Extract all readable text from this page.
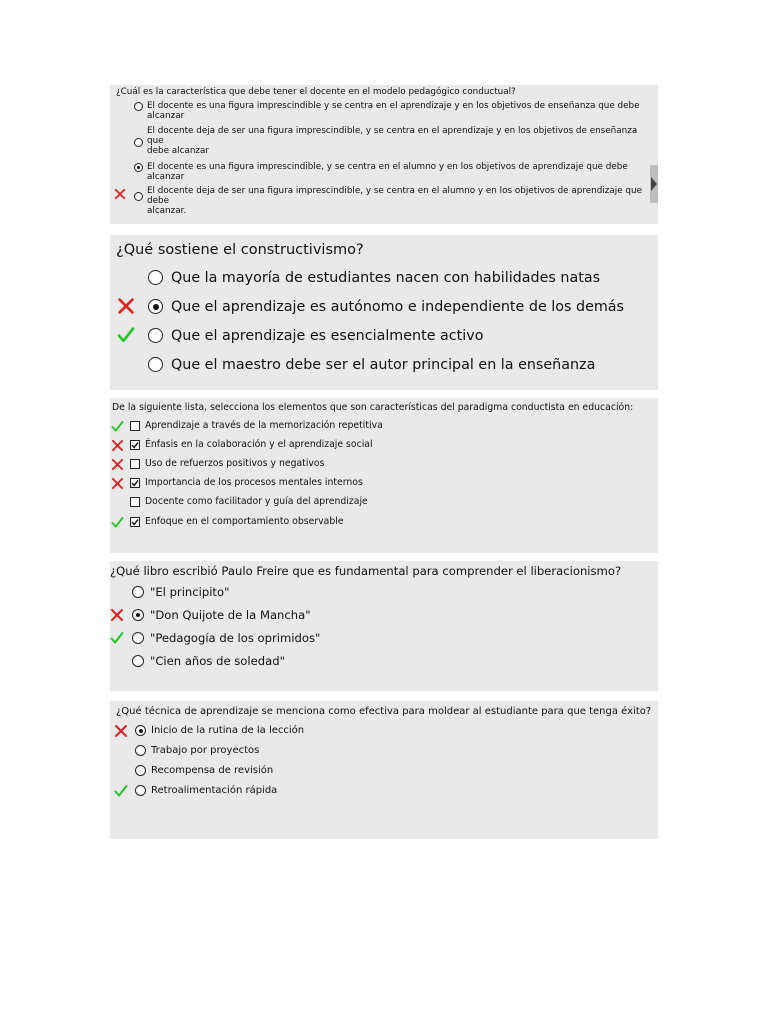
¿Cuál es la característica que debe tener el docente en el modelo pedagógico conductual?
El docente es una figura imprescindible y se centra en el aprendizaje y en los objetivos de enseñanza que debe
alcanzar
El docente deja de ser una figura imprescindible, y se centra en el aprendizaje y en los objetivos de enseñanza
que
debe alcanzar
El docente es una figura imprescindible, y se centra en el alumno y en los objetivos de aprendizaje que debe
alcanzar
El docente deja de ser una figura imprescindible, y se centra en el alumno y en los objetivos de aprendizaje que
debe
alcanzar.
¿Qué sostiene el constructivismo?
Que la mayoría de estudiantes nacen con habilidades natas
Que el aprendizaje es autónomo e independiente de los demás
Que el aprendizaje es esencialmente activo
Que el maestro debe ser el autor principal en la enseñanza
De la siguiente lista, selecciona los elementos que son características del paradigma conductista en educación:
Aprendizaje a través de la memorización repetitiva
Énfasis en la colaboración y el aprendizaje social
Uso de refuerzos positivos y negativos
Importancia de los procesos mentales internos
Docente como facilitador y guía del aprendizaje
Enfoque en el comportamiento observable
¿Qué libro escribió Paulo Freire que es fundamental para comprender el liberacionismo?
"El principito"
"Don Quijote de la Mancha"
"Pedagogía de los oprimidos"
"Cien años de soledad"
¿Qué técnica de aprendizaje se menciona como efectiva para moldear al estudiante para que tenga éxito?
Inicio de la rutina de la lección
Trabajo por proyectos
Recompensa de revisión
Retroalimentación rápida
